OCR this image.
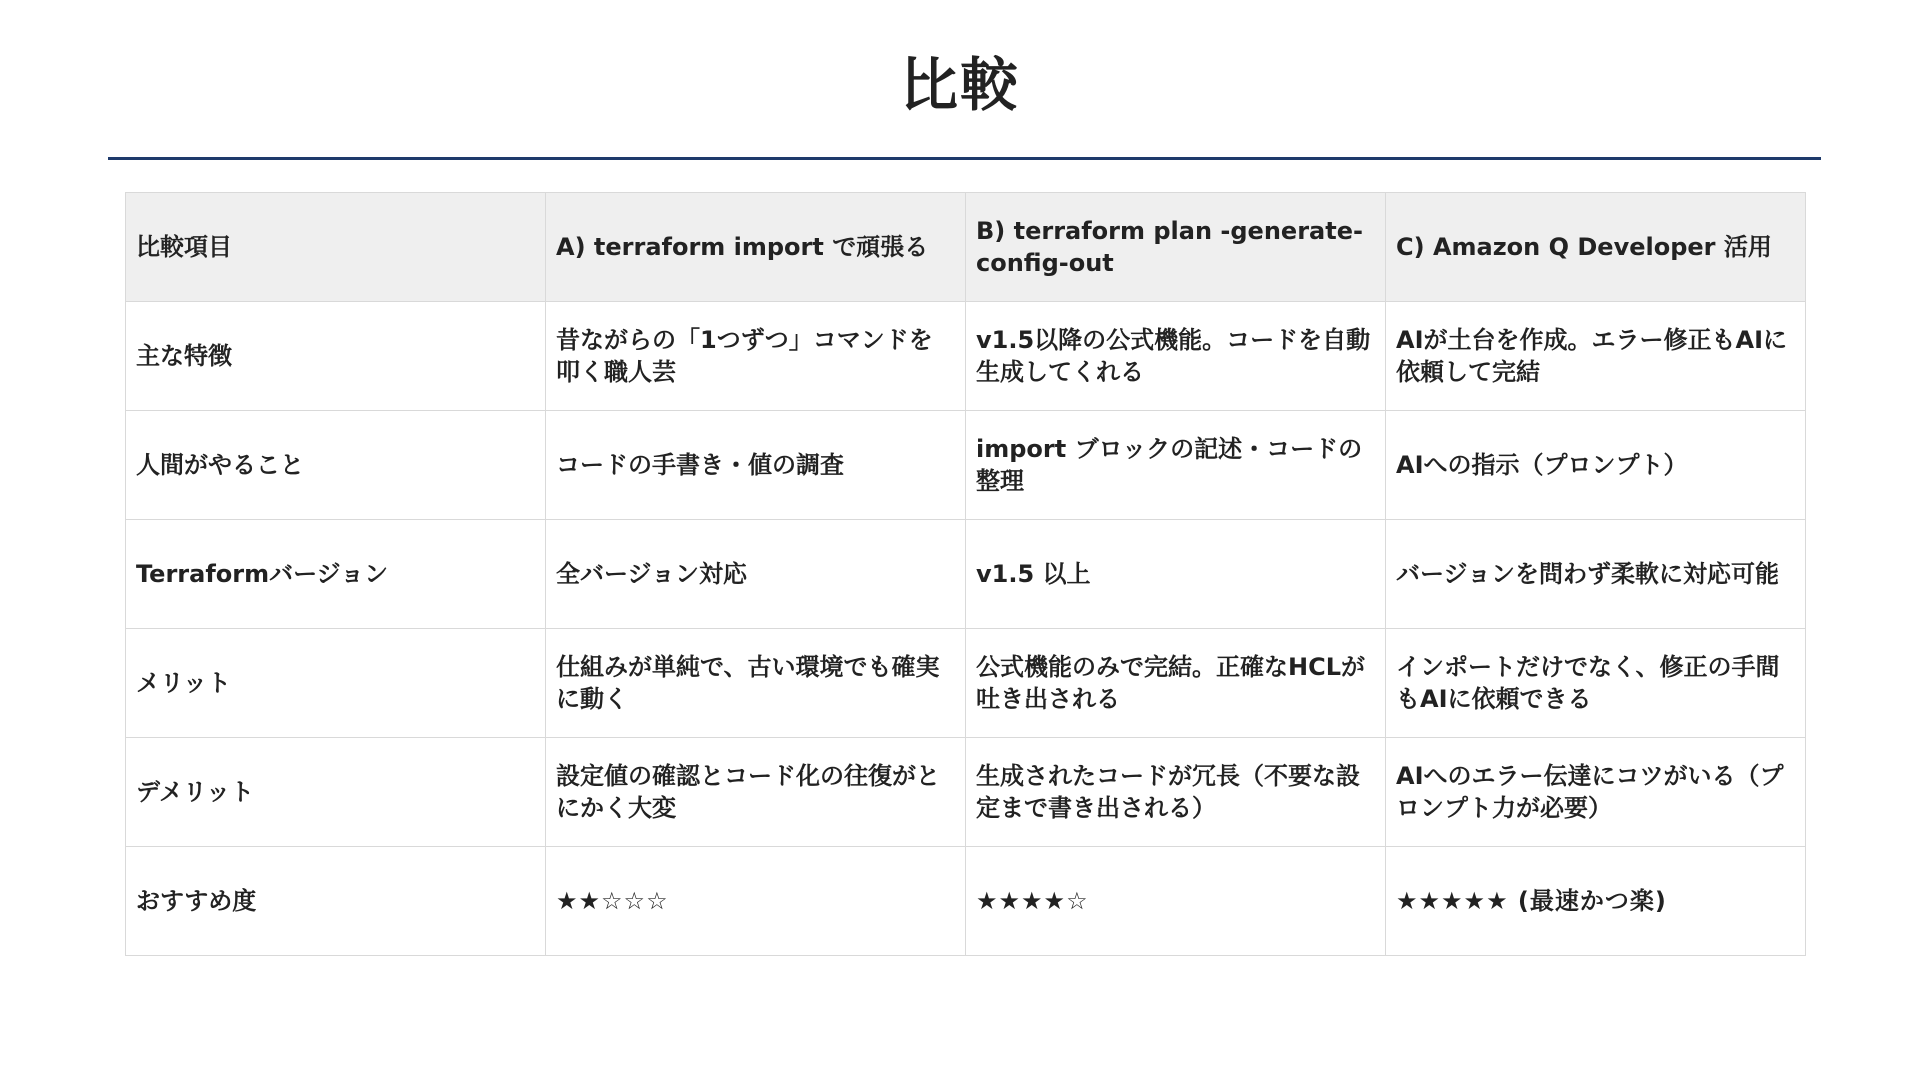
比較
比較項目	A) terraform import で頑張る	B) terraform plan -generate-config-out	C) Amazon Q Developer 活用
主な特徴	昔ながらの「1つずつ」コマンドを叩く職人芸	v1.5以降の公式機能。コードを自動生成してくれる	AIが土台を作成。エラー修正もAIに依頼して完結
人間がやること	コードの手書き・値の調査	import ブロックの記述・コードの整理	AIへの指示（プロンプト）
Terraformバージョン	全バージョン対応	v1.5 以上	バージョンを問わず柔軟に対応可能
メリット	仕組みが単純で、古い環境でも確実に動く	公式機能のみで完結。正確なHCLが吐き出される	インポートだけでなく、修正の手間もAIに依頼できる
デメリット	設定値の確認とコード化の往復がとにかく大変	生成されたコードが冗長（不要な設定まで書き出される）	AIへのエラー伝達にコツがいる（プロンプト力が必要）
おすすめ度	★★☆☆☆	★★★★☆	★★★★★ (最速かつ楽)
